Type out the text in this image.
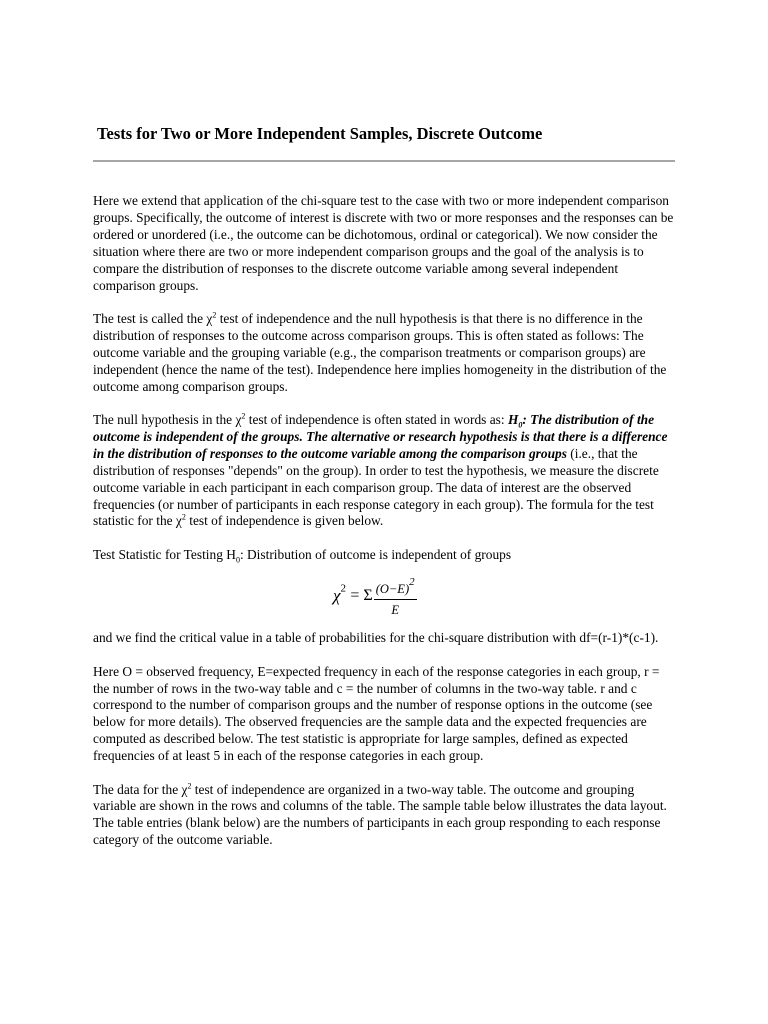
Tests for Two or More Independent Samples, Discrete Outcome

Here we extend that application of the chi-square test to the case with two or more independent comparison groups. Specifically, the outcome of interest is discrete with two or more responses and the responses can be ordered or unordered (i.e., the outcome can be dichotomous, ordinal or categorical). We now consider the situation where there are two or more independent comparison groups and the goal of the analysis is to compare the distribution of responses to the discrete outcome variable among several independent comparison groups.

The test is called the $\chi^2$ test of independence and the null hypothesis is that there is no difference in the distribution of responses to the outcome across comparison groups. This is often stated as follows: The outcome variable and the grouping variable (e.g., the comparison treatments or comparison groups) are independent (hence the name of the test). Independence here implies homogeneity in the distribution of the outcome among comparison groups.

The null hypothesis in the $\chi^2$ test of independence is often stated in words as: $H_0$: The distribution of the outcome is independent of the groups. The alternative or research hypothesis is that there is a difference in the distribution of responses to the outcome variable among the comparison groups (i.e., that the distribution of responses "depends" on the group). In order to test the hypothesis, we measure the discrete outcome variable in each participant in each comparison group. The data of interest are the observed frequencies (or number of participants in each response category in each group). The formula for the test statistic for the $\chi^2$ test of independence is given below.

Test Statistic for Testing $H_0$: Distribution of outcome is independent of groups

$\chi^2 = \Sigma \frac{(O-E)2}{E}$

and we find the critical value in a table of probabilities for the chi-square distribution with df=(r-1)*(c-1).

Here O = observed frequency, E=expected frequency in each of the response categories in each group, r = the number of rows in the two-way table and c = the number of columns in the two-way table. r and c correspond to the number of comparison groups and the number of response options in the outcome (see below for more details). The observed frequencies are the sample data and the expected frequencies are computed as described below. The test statistic is appropriate for large samples, defined as expected frequencies of at least 5 in each of the response categories in each group.

The data for the $\chi^2$ test of independence are organized in a two-way table. The outcome and grouping variable are shown in the rows and columns of the table. The sample table below illustrates the data layout. The table entries (blank below) are the numbers of participants in each group responding to each response category of the outcome variable.
